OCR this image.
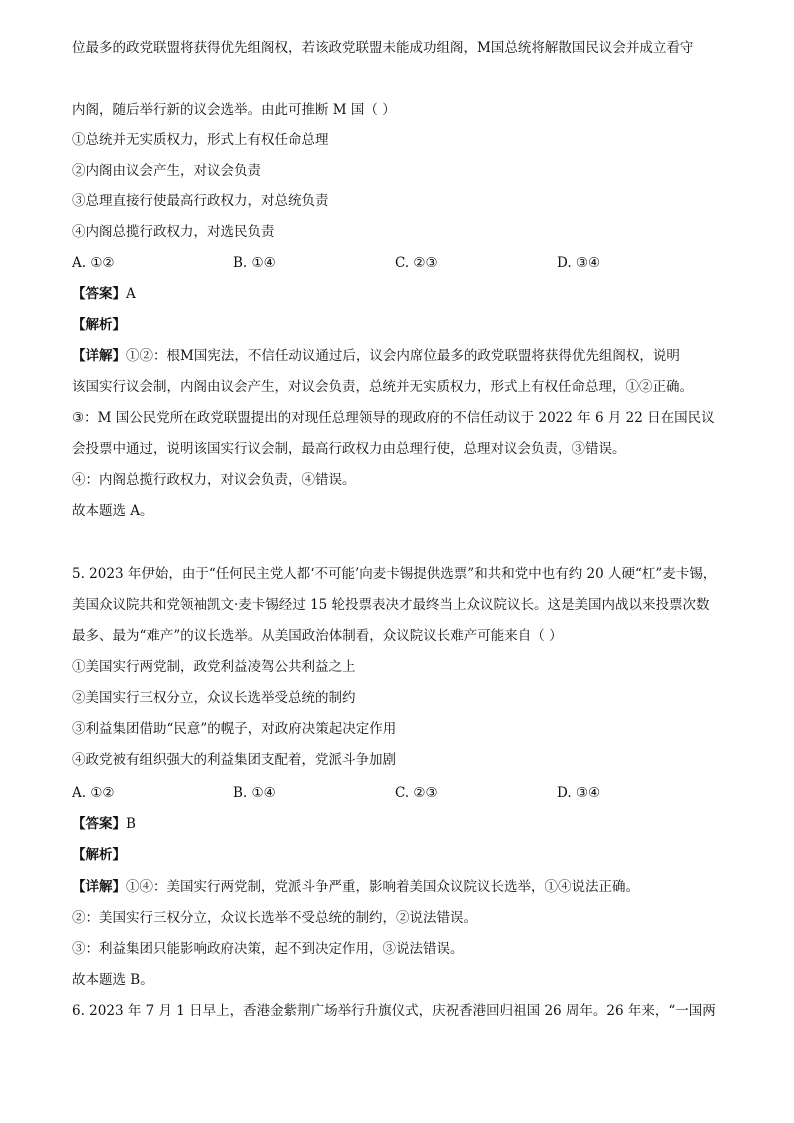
位最多的政党联盟将获得优先组阁权，若该政党联盟未能成功组阁，M国总统将解散国民议会并成立看守
内阁，随后举行新的议会选举。由此可推断 M 国（ ）
①总统并无实质权力，形式上有权任命总理
②内阁由议会产生，对议会负责
③总理直接行使最高行政权力，对总统负责
④内阁总揽行政权力，对选民负责
A. ①②	B. ①④	C. ②③	D. ③④
【答案】A
【解析】
【详解】①②：根M国宪法，不信任动议通过后，议会内席位最多的政党联盟将获得优先组阁权，说明
该国实行议会制，内阁由议会产生，对议会负责，总统并无实质权力，形式上有权任命总理，①②正确。
③：M 国公民党所在政党联盟提出的对现任总理领导的现政府的不信任动议于 2022 年 6 月 22 日在国民议
会投票中通过，说明该国实行议会制，最高行政权力由总理行使，总理对议会负责，③错误。
④：内阁总揽行政权力，对议会负责，④错误。
故本题选 A。
5. 2023 年伊始，由于“任何民主党人都‘不可能’向麦卡锡提供选票”和共和党中也有约 20 人硬“杠”麦卡锡，
美国众议院共和党领袖凯文·麦卡锡经过 15 轮投票表决才最终当上众议院议长。这是美国内战以来投票次数
最多、最为“难产”的议长选举。从美国政治体制看，众议院议长难产可能来自（ ）
①美国实行两党制，政党利益凌驾公共利益之上
②美国实行三权分立，众议长选举受总统的制约
③利益集团借助“民意”的幌子，对政府决策起决定作用
④政党被有组织强大的利益集团支配着，党派斗争加剧
A. ①②	B. ①④	C. ②③	D. ③④
【答案】B
【解析】
【详解】①④：美国实行两党制，党派斗争严重，影响着美国众议院议长选举，①④说法正确。
②：美国实行三权分立，众议长选举不受总统的制约，②说法错误。
③：利益集团只能影响政府决策，起不到决定作用，③说法错误。
故本题选 B。
6. 2023 年 7 月 1 日早上，香港金紫荆广场举行升旗仪式，庆祝香港回归祖国 26 周年。26 年来，“一国两
